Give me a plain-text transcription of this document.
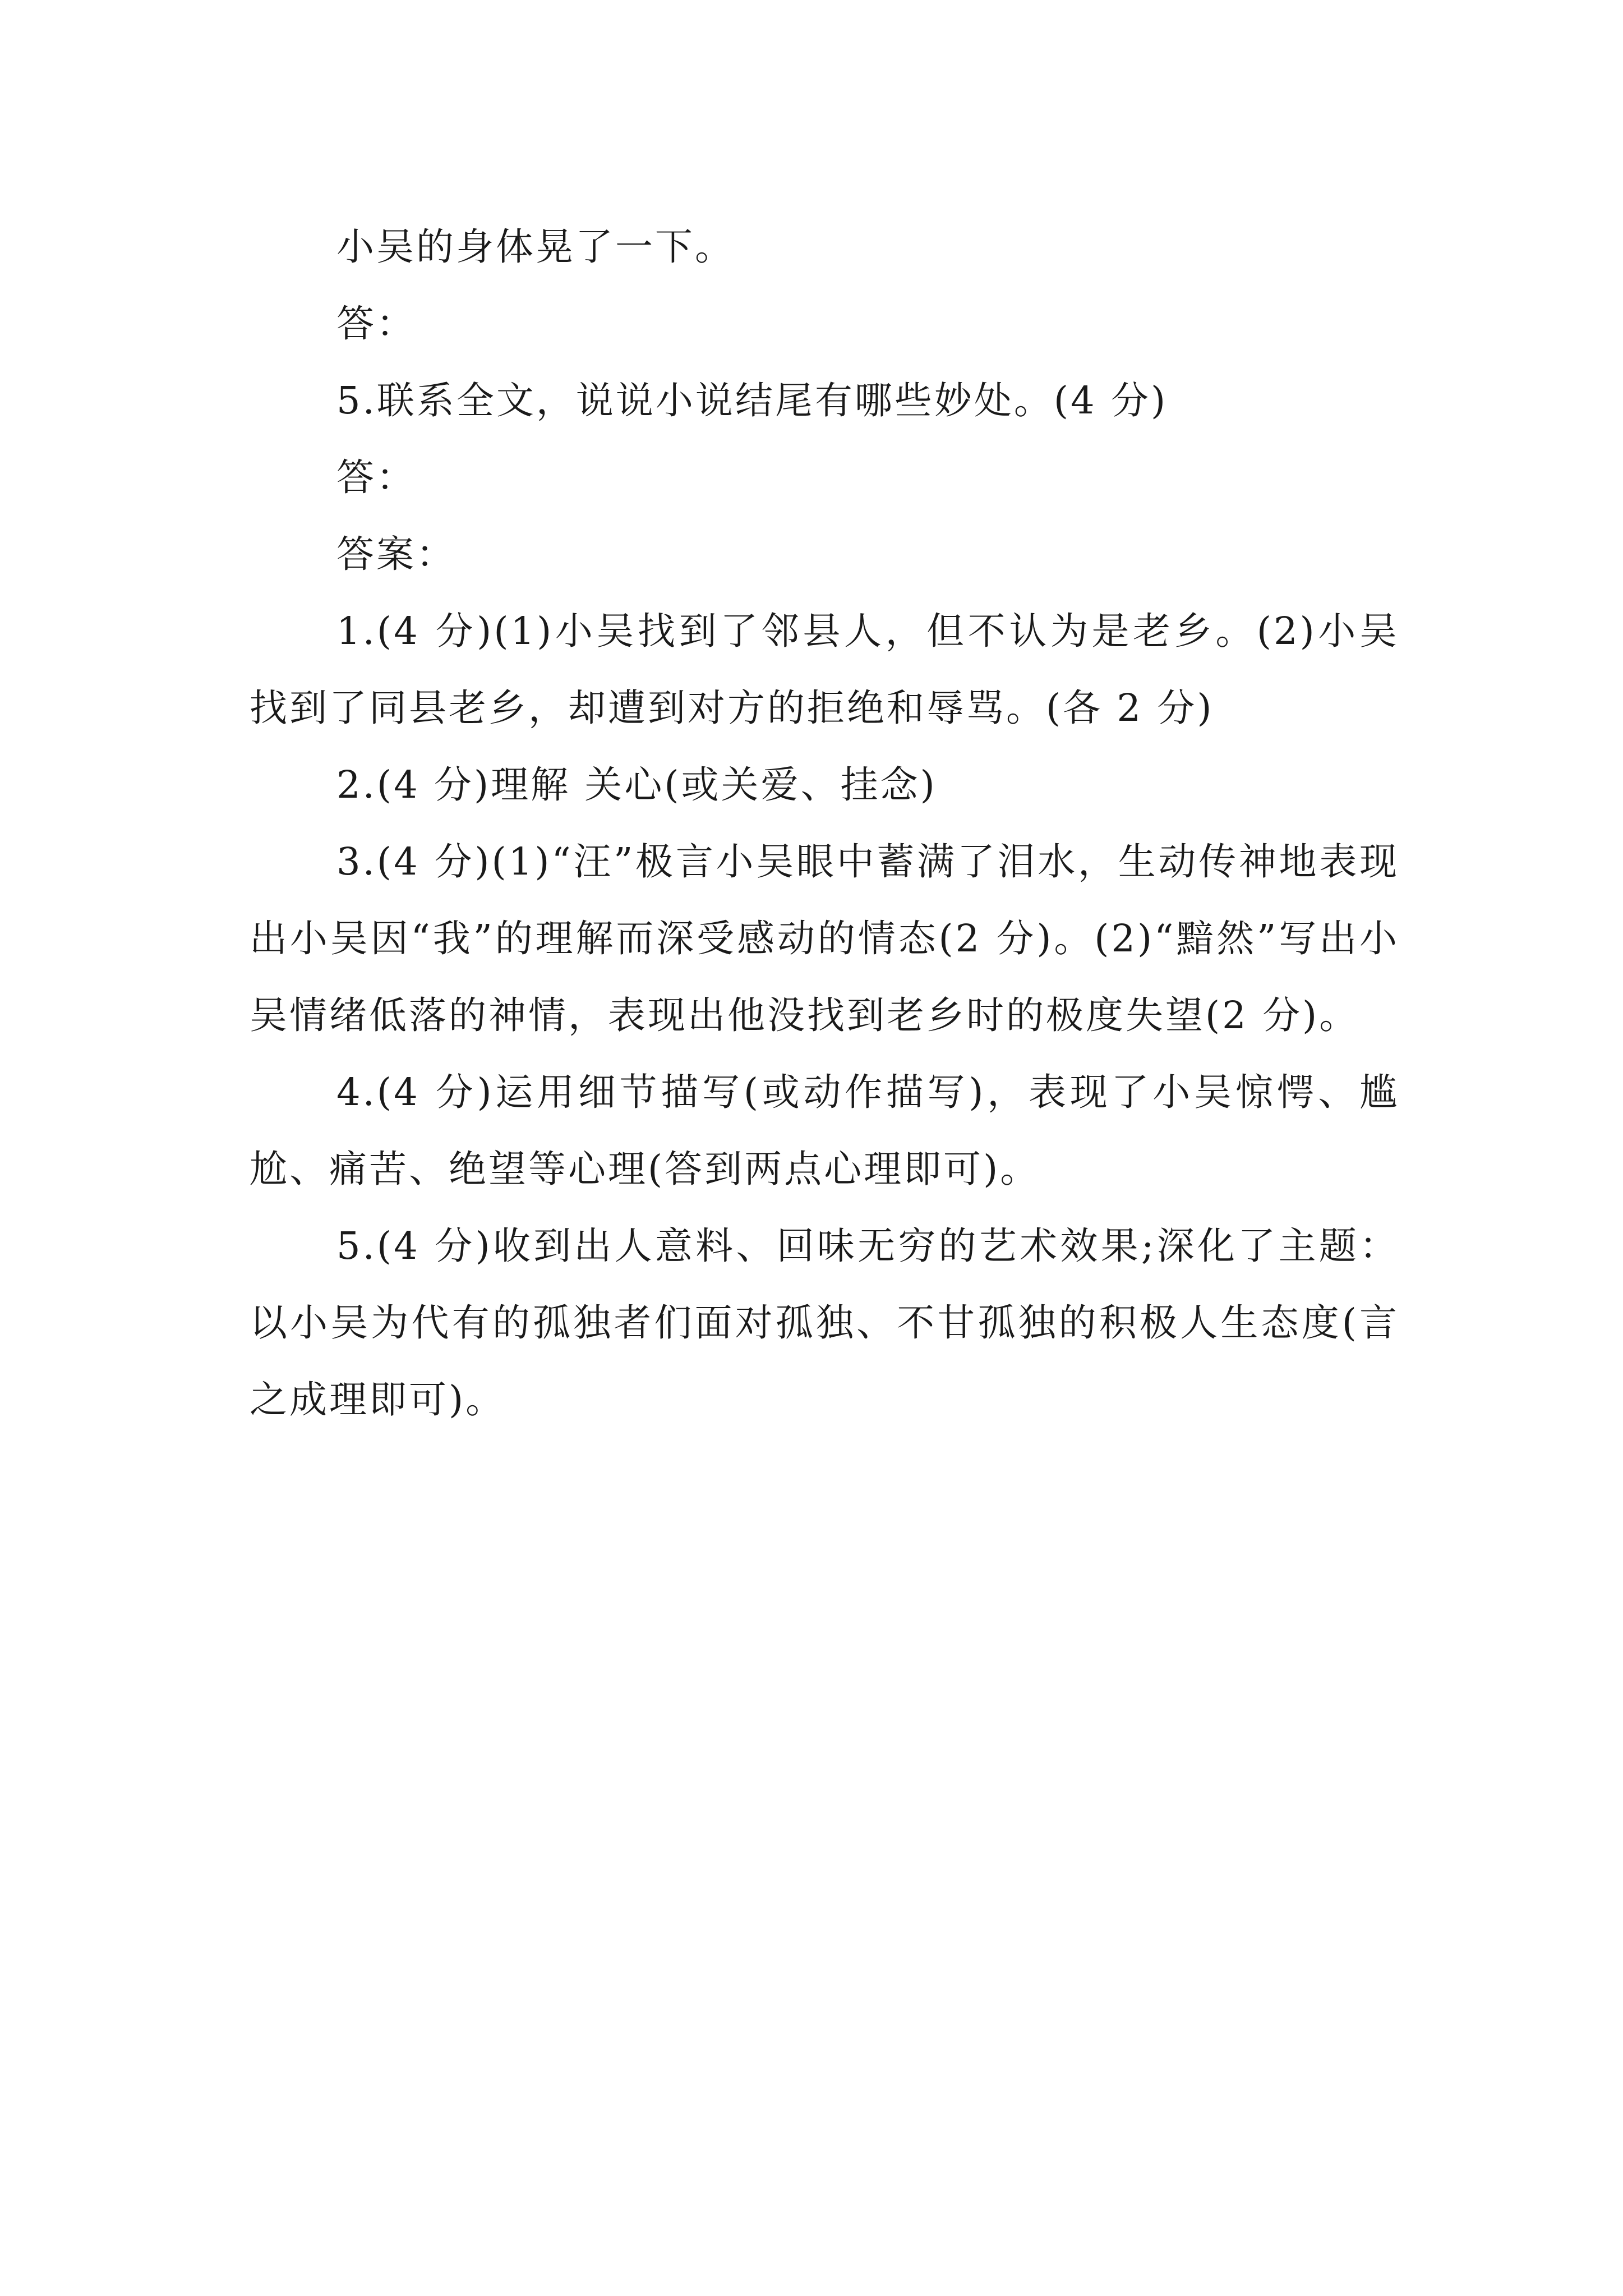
小吴的身体晃了一下。

答：

5.联系全文，说说小说结尾有哪些妙处。(4 分)

答：

答案：

1.(4 分)(1)小吴找到了邻县人，但不认为是老乡。(2)小吴找到了同县老乡，却遭到对方的拒绝和辱骂。(各 2 分)

2.(4 分)理解 关心(或关爱、挂念)

3.(4 分)(1)“汪”极言小吴眼中蓄满了泪水，生动传神地表现出小吴因“我”的理解而深受感动的情态(2 分)。(2)“黯然”写出小吴情绪低落的神情，表现出他没找到老乡时的极度失望(2 分)。

4.(4 分)运用细节描写(或动作描写)，表现了小吴惊愕、尴尬、痛苦、绝望等心理(答到两点心理即可)。

5.(4 分)收到出人意料、回味无穷的艺术效果;深化了主题：以小吴为代有的孤独者们面对孤独、不甘孤独的积极人生态度(言之成理即可)。
